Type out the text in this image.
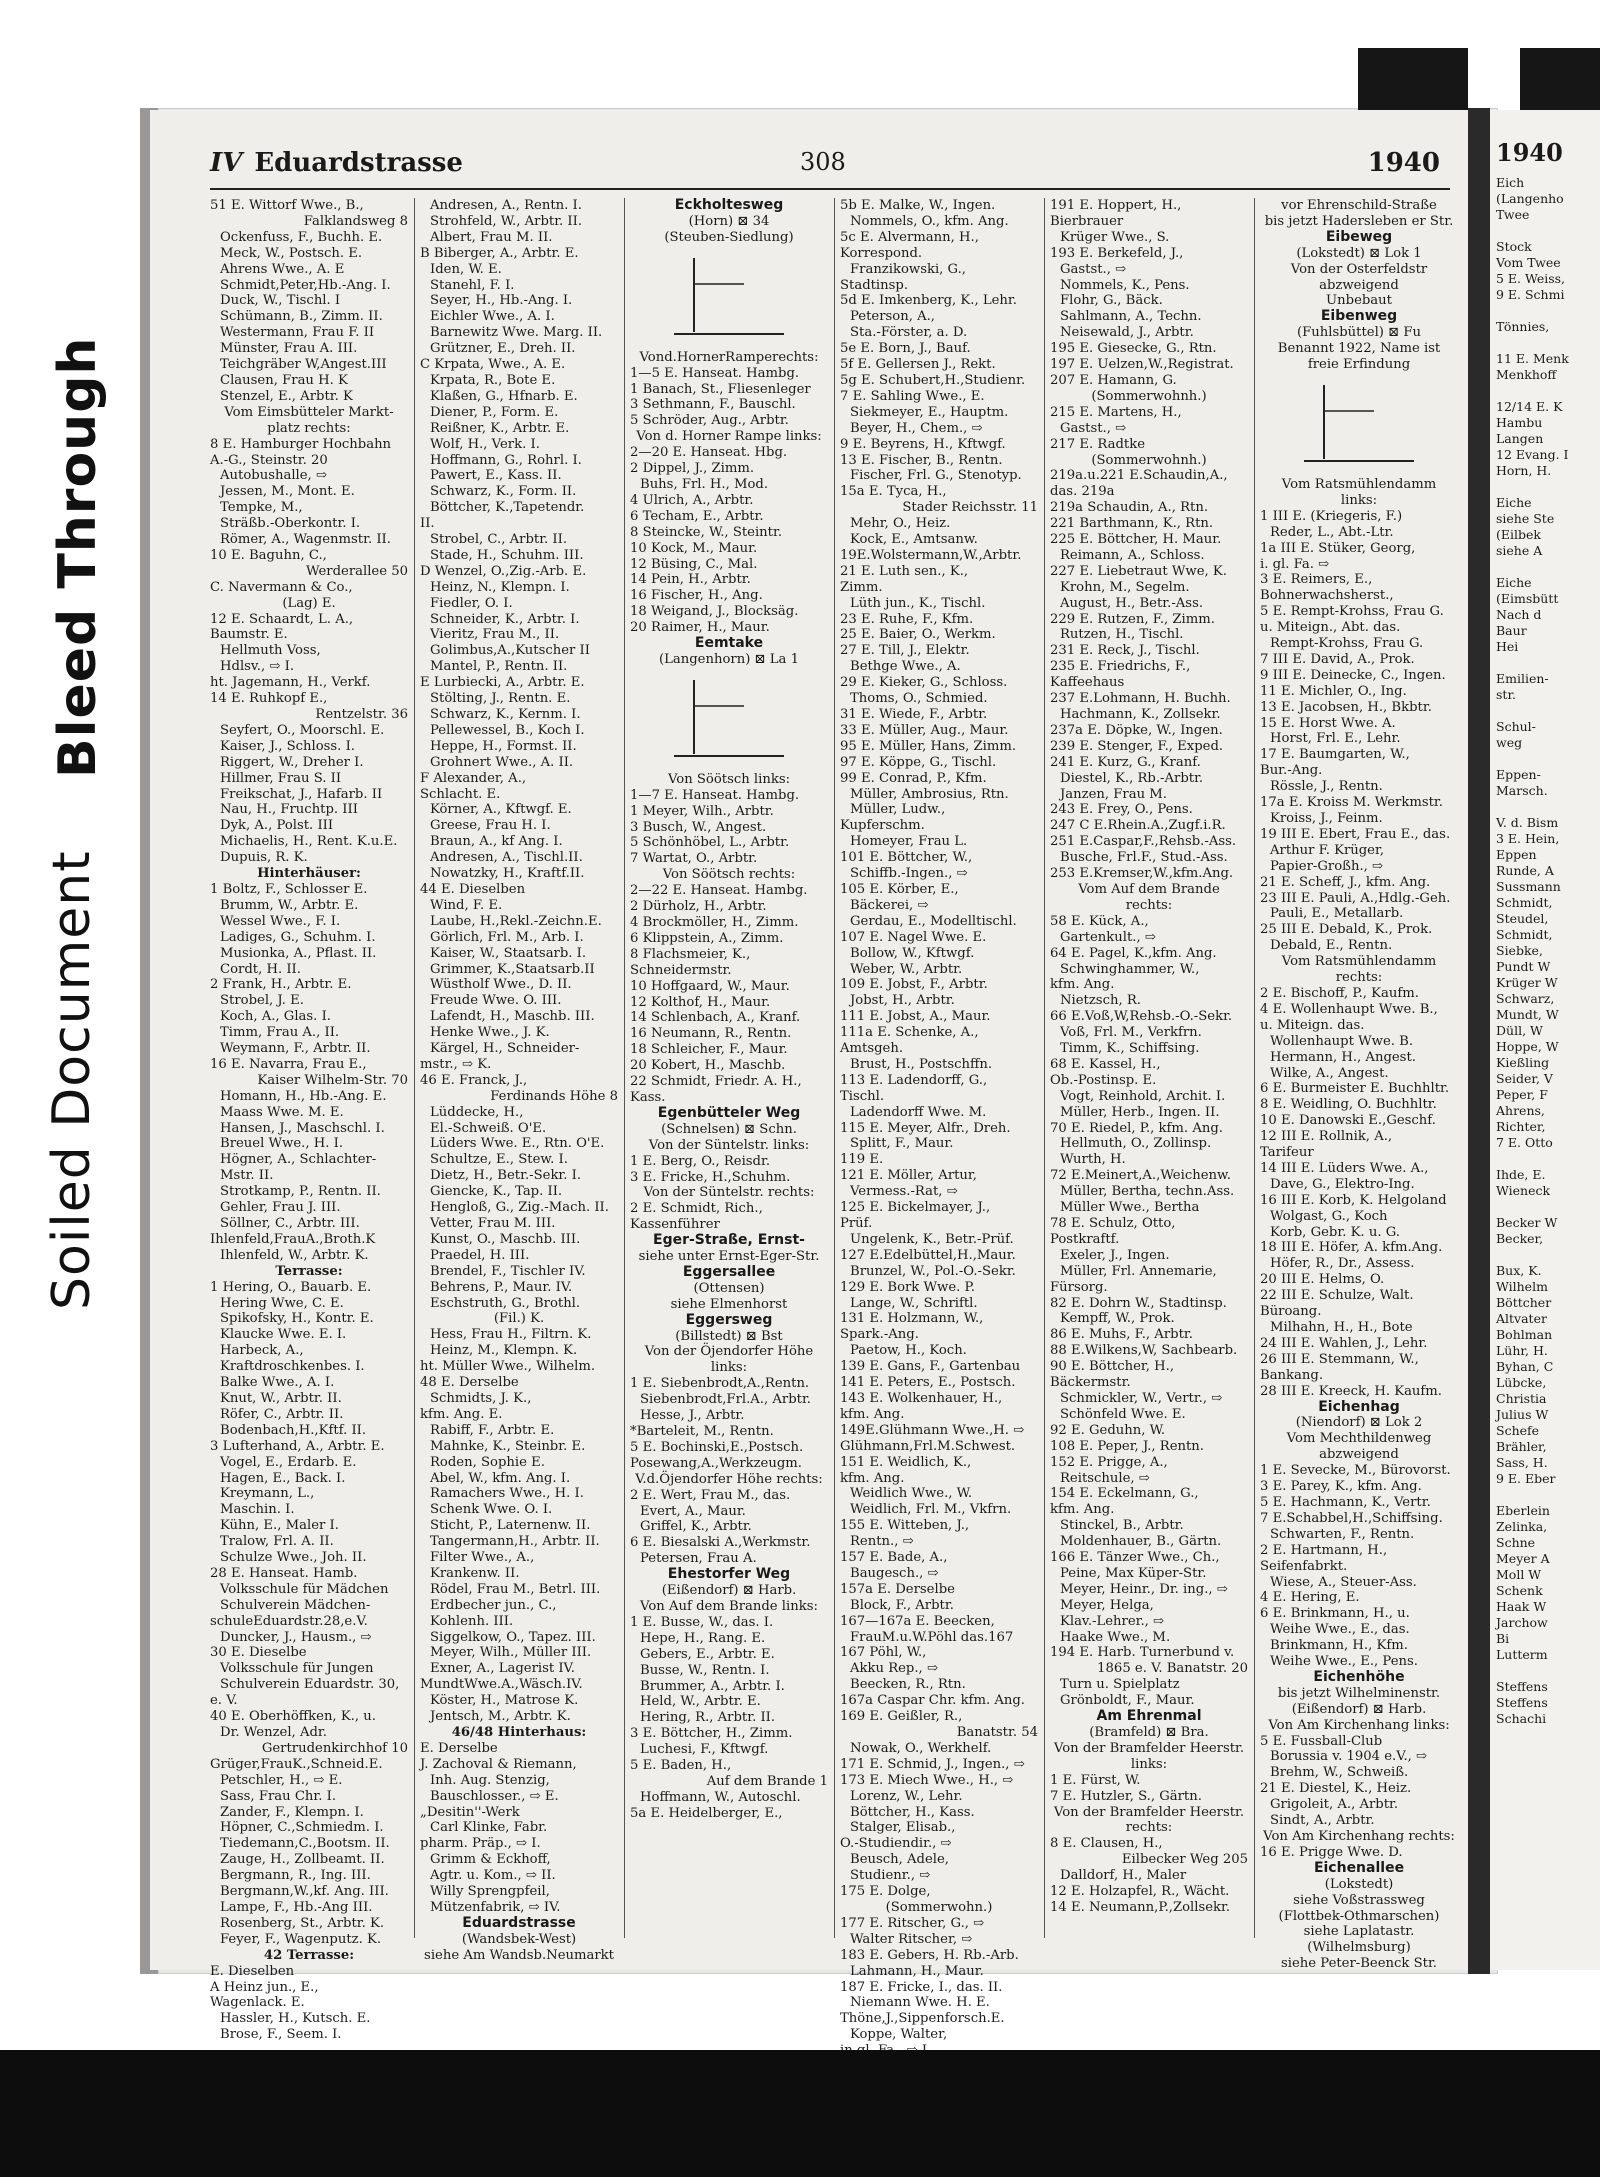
Soiled Document
Bleed Through
IV Eduardstrasse	308	1940
51 E. Wittorf Wwe., B.,
Falklandsweg 8
Ockenfuss, F., Buchh. E.
Meck, W., Postsch. E.
Ahrens Wwe., A. E
Schmidt,Peter,Hb.-Ang. I.
Duck, W., Tischl. I
Schümann, B., Zimm. II.
Westermann, Frau F. II
Münster, Frau A. III.
Teichgräber W,Angest.III
Clausen, Frau H. K
Stenzel, E., Arbtr. K
Vom Eimsbütteler Markt-
platz rechts:
8 E. Hamburger Hochbahn
A.-G., Steinstr. 20
Autobushalle, ⇨
Jessen, M., Mont. E.
Tempke, M.,
Sträßb.-Oberkontr. I.
Römer, A., Wagenmstr. II.
10 E. Baguhn, C.,
Werderallee 50
C. Navermann & Co.,
(Lag) E.
12 E. Schaardt, L. A.,
Baumstr. E.
Hellmuth Voss,
Hdlsv., ⇨ I.
ht. Jagemann, H., Verkf.
14 E. Ruhkopf E.,
Rentzelstr. 36
Seyfert, O., Moorschl. E.
Kaiser, J., Schloss. I.
Riggert, W., Dreher I.
Hillmer, Frau S. II
Freikschat, J., Hafarb. II
Nau, H., Fruchtp. III
Dyk, A., Polst. III
Michaelis, H., Rent. K.u.E.
Dupuis, R. K.
Hinterhäuser:
1 Boltz, F., Schlosser E.
Brumm, W., Arbtr. E.
Wessel Wwe., F. I.
Ladiges, G., Schuhm. I.
Musionka, A., Pflast. II.
Cordt, H. II.
2 Frank, H., Arbtr. E.
Strobel, J. E.
Koch, A., Glas. I.
Timm, Frau A., II.
Weymann, F., Arbtr. II.
16 E. Navarra, Frau E.,
Kaiser Wilhelm-Str. 70
Homann, H., Hb.-Ang. E.
Maass Wwe. M. E.
Hansen, J., Maschschl. I.
Breuel Wwe., H. I.
Högner, A., Schlachter-
Mstr. II.
Strotkamp, P., Rentn. II.
Gehler, Frau J. III.
Söllner, C., Arbtr. III.
Ihlenfeld,FrauA.,Broth.K
Ihlenfeld, W., Arbtr. K.
Terrasse:
1 Hering, O., Bauarb. E.
Hering Wwe, C. E.
Spikofsky, H., Kontr. E.
Klaucke Wwe. E. I.
Harbeck, A.,
Kraftdroschkenbes. I.
Balke Wwe., A. I.
Knut, W., Arbtr. II.
Röfer, C., Arbtr. II.
Bodenbach,H.,Kftf. II.
3 Lufterhand, A., Arbtr. E.
Vogel, E., Erdarb. E.
Hagen, E., Back. I.
Kreymann, L.,
Maschin. I.
Kühn, E., Maler I.
Tralow, Frl. A. II.
Schulze Wwe., Joh. II.
28 E. Hanseat. Hamb.
Volksschule für Mädchen
Schulverein Mädchen-
schuleEduardstr.28,e.V.
Duncker, J., Hausm., ⇨
30 E. Dieselbe
Volksschule für Jungen
Schulverein Eduardstr. 30,
e. V.
40 E. Oberhöffken, K., u.
Dr. Wenzel, Adr.
Gertrudenkirchhof 10
Grüger,FrauK.,Schneid.E.
Petschler, H., ⇨ E.
Sass, Frau Chr. I.
Zander, F., Klempn. I.
Höpner, C.,Schmiedm. I.
Tiedemann,C.,Bootsm. II.
Zauge, H., Zollbeamt. II.
Bergmann, R., Ing. III.
Bergmann,W.,kf. Ang. III.
Lampe, F., Hb.-Ang III.
Rosenberg, St., Arbtr. K.
Feyer, F., Wagenputz. K.
42 Terrasse:
E. Dieselben
A Heinz jun., E.,
Wagenlack. E.
Hassler, H., Kutsch. E.
Brose, F., Seem. I.
Andresen, A., Rentn. I.
Strohfeld, W., Arbtr. II.
Albert, Frau M. II.
B Biberger, A., Arbtr. E.
Iden, W. E.
Stanehl, F. I.
Seyer, H., Hb.-Ang. I.
Eichler Wwe., A. I.
Barnewitz Wwe. Marg. II.
Grützner, E., Dreh. II.
C Krpata, Wwe., A. E.
Krpata, R., Bote E.
Klaßen, G., Hfnarb. E.
Diener, P., Form. E.
Reißner, K., Arbtr. E.
Wolf, H., Verk. I.
Hoffmann, G., Rohrl. I.
Pawert, E., Kass. II.
Schwarz, K., Form. II.
Böttcher, K.,Tapetendr.
II.
Strobel, C., Arbtr. II.
Stade, H., Schuhm. III.
D Wenzel, O.,Zig.-Arb. E.
Heinz, N., Klempn. I.
Fiedler, O. I.
Schneider, K., Arbtr. I.
Vieritz, Frau M., II.
Golimbus,A.,Kutscher II
Mantel, P., Rentn. II.
E Lurbiecki, A., Arbtr. E.
Stölting, J., Rentn. E.
Schwarz, K., Kernm. I.
Pellewessel, B., Koch I.
Heppe, H., Formst. II.
Grohnert Wwe., A. II.
F Alexander, A.,
Schlacht. E.
Körner, A., Kftwgf. E.
Greese, Frau H. I.
Braun, A., kf Ang. I.
Andresen, A., Tischl.II.
Nowatzky, H., Kraftf.II.
44 E. Dieselben
Wind, F. E.
Laube, H.,Rekl.-Zeichn.E.
Görlich, Frl. M., Arb. I.
Kaiser, W., Staatsarb. I.
Grimmer, K.,Staatsarb.II
Wüstholf Wwe., D. II.
Freude Wwe. O. III.
Lafendt, H., Maschb. III.
Henke Wwe., J. K.
Kärgel, H., Schneider-
mstr., ⇨ K.
46 E. Franck, J.,
Ferdinands Höhe 8
Lüddecke, H.,
El.-Schweiß. O'E.
Lüders Wwe. E., Rtn. O'E.
Schultze, E., Stew. I.
Dietz, H., Betr.-Sekr. I.
Giencke, K., Tap. II.
Hengloß, G., Zig.-Mach. II.
Vetter, Frau M. III.
Kunst, O., Maschb. III.
Praedel, H. III.
Brendel, F., Tischler IV.
Behrens, P., Maur. IV.
Eschstruth, G., Brothl.
(Fil.) K.
Hess, Frau H., Filtrn. K.
Heinz, M., Klempn. K.
ht. Müller Wwe., Wilhelm.
48 E. Derselbe
Schmidts, J. K.,
kfm. Ang. E.
Rabiff, F., Arbtr. E.
Mahnke, K., Steinbr. E.
Roden, Sophie E.
Abel, W., kfm. Ang. I.
Ramachers Wwe., H. I.
Schenk Wwe. O. I.
Sticht, P., Laternenw. II.
Tangermann,H., Arbtr. II.
Filter Wwe., A.,
Krankenw. II.
Rödel, Frau M., Betrl. III.
Erdbecher jun., C.,
Kohlenh. III.
Siggelkow, O., Tapez. III.
Meyer, Wilh., Müller III.
Exner, A., Lagerist IV.
MundtWwe.A.,Wäsch.IV.
Köster, H., Matrose K.
Jentsch, M., Arbtr. K.
46/48 Hinterhaus:
E. Derselbe
J. Zachoval & Riemann,
Inh. Aug. Stenzig,
Bauschlosser., ⇨ E.
„Desitin''-Werk
Carl Klinke, Fabr.
pharm. Präp., ⇨ I.
Grimm & Eckhoff,
Agtr. u. Kom., ⇨ II.
Willy Sprengpfeil,
Mützenfabrik, ⇨ IV.
Eduardstrasse
(Wandsbek-West)
siehe Am Wandsb.Neumarkt
Eckholtesweg
(Horn) ⊠ 34
(Steuben-Siedlung)
Vond.HornerRamperechts:
1—5 E. Hanseat. Hambg.
1 Banach, St., Fliesenleger
3 Sethmann, F., Bauschl.
5 Schröder, Aug., Arbtr.
Von d. Horner Rampe links:
2—20 E. Hanseat. Hbg.
2 Dippel, J., Zimm.
Buhs, Frl. H., Mod.
4 Ulrich, A., Arbtr.
6 Techam, E., Arbtr.
8 Steincke, W., Steintr.
10 Kock, M., Maur.
12 Büsing, C., Mal.
14 Pein, H., Arbtr.
16 Fischer, H., Ang.
18 Weigand, J., Blocksäg.
20 Raimer, H., Maur.
Eemtake
(Langenhorn) ⊠ La 1
Von Söötsch links:
1—7 E. Hanseat. Hambg.
1 Meyer, Wilh., Arbtr.
3 Busch, W., Angest.
5 Schönhöbel, L., Arbtr.
7 Wartat, O., Arbtr.
Von Söötsch rechts:
2—22 E. Hanseat. Hambg.
2 Dürholz, H., Arbtr.
4 Brockmöller, H., Zimm.
6 Klippstein, A., Zimm.
8 Flachsmeier, K.,
Schneidermstr.
10 Hoffgaard, W., Maur.
12 Kolthof, H., Maur.
14 Schlenbach, A., Kranf.
16 Neumann, R., Rentn.
18 Schleicher, F., Maur.
20 Kobert, H., Maschb.
22 Schmidt, Friedr. A. H.,
Kass.
Egenbütteler Weg
(Schnelsen) ⊠ Schn.
Von der Süntelstr. links:
1 E. Berg, O., Reisdr.
3 E. Fricke, H.,Schuhm.
Von der Süntelstr. rechts:
2 E. Schmidt, Rich.,
Kassenführer
Eger-Straße, Ernst-
siehe unter Ernst-Eger-Str.
Eggersallee
(Ottensen)
siehe Elmenhorst
Eggersweg
(Billstedt) ⊠ Bst
Von der Öjendorfer Höhe
links:
1 E. Siebenbrodt,A.,Rentn.
Siebenbrodt,Frl.A., Arbtr.
Hesse, J., Arbtr.
*Barteleit, M., Rentn.
5 E. Bochinski,E.,Postsch.
Posewang,A.,Werkzeugm.
V.d.Öjendorfer Höhe rechts:
2 E. Wert, Frau M., das.
Evert, A., Maur.
Griffel, K., Arbtr.
6 E. Biesalski A.,Werkmstr.
Petersen, Frau A.
Ehestorfer Weg
(Eißendorf) ⊠ Harb.
Von Auf dem Brande links:
1 E. Busse, W., das. I.
Hepe, H., Rang. E.
Gebers, E., Arbtr. E.
Busse, W., Rentn. I.
Brummer, A., Arbtr. I.
Held, W., Arbtr. E.
Hering, R., Arbtr. II.
3 E. Böttcher, H., Zimm.
Luchesi, F., Kftwgf.
5 E. Baden, H.,
Auf dem Brande 1
Hoffmann, W., Autoschl.
5a E. Heidelberger, E.,
5b E. Malke, W., Ingen.
Nommels, O., kfm. Ang.
5c E. Alvermann, H.,
Korrespond.
Franzikowski, G.,
Stadtinsp.
5d E. Imkenberg, K., Lehr.
Peterson, A.,
Sta.-Förster, a. D.
5e E. Born, J., Bauf.
5f E. Gellersen J., Rekt.
5g E. Schubert,H.,Studienr.
7 E. Sahling Wwe., E.
Siekmeyer, E., Hauptm.
Beyer, H., Chem., ⇨
9 E. Beyrens, H., Kftwgf.
13 E. Fischer, B., Rentn.
Fischer, Frl. G., Stenotyp.
15a E. Tyca, H.,
Stader Reichsstr. 11
Mehr, O., Heiz.
Kock, E., Amtsanw.
19E.Wolstermann,W.,Arbtr.
21 E. Luth sen., K.,
Zimm.
Lüth jun., K., Tischl.
23 E. Ruhe, F., Kfm.
25 E. Baier, O., Werkm.
27 E. Till, J., Elektr.
Bethge Wwe., A.
29 E. Kieker, G., Schloss.
Thoms, O., Schmied.
31 E. Wiede, F., Arbtr.
33 E. Müller, Aug., Maur.
95 E. Müller, Hans, Zimm.
97 E. Köppe, G., Tischl.
99 E. Conrad, P., Kfm.
Müller, Ambrosius, Rtn.
Müller, Ludw.,
Kupferschm.
Homeyer, Frau L.
101 E. Böttcher, W.,
Schiffb.-Ingen., ⇨
105 E. Körber, E.,
Bäckerei, ⇨
Gerdau, E., Modelltischl.
107 E. Nagel Wwe. E.
Bollow, W., Kftwgf.
Weber, W., Arbtr.
109 E. Jobst, F., Arbtr.
Jobst, H., Arbtr.
111 E. Jobst, A., Maur.
111a E. Schenke, A.,
Amtsgeh.
Brust, H., Postschffn.
113 E. Ladendorff, G.,
Tischl.
Ladendorff Wwe. M.
115 E. Meyer, Alfr., Dreh.
Splitt, F., Maur.
119 E.
121 E. Möller, Artur,
Vermess.-Rat, ⇨
125 E. Bickelmayer, J.,
Prüf.
Ungelenk, K., Betr.-Prüf.
127 E.Edelbüttel,H.,Maur.
Brunzel, W., Pol.-O.-Sekr.
129 E. Bork Wwe. P.
Lange, W., Schriftl.
131 E. Holzmann, W.,
Spark.-Ang.
Paetow, H., Koch.
139 E. Gans, F., Gartenbau
141 E. Peters, E., Postsch.
143 E. Wolkenhauer, H.,
kfm. Ang.
149E.Glühmann Wwe.,H. ⇨
Glühmann,Frl.M.Schwest.
151 E. Weidlich, K.,
kfm. Ang.
Weidlich Wwe., W.
Weidlich, Frl. M., Vkfrn.
155 E. Witteben, J.,
Rentn., ⇨
157 E. Bade, A.,
Baugesch., ⇨
157a E. Derselbe
Block, F., Arbtr.
167—167a E. Beecken,
FrauM.u.W.Pöhl das.167
167 Pöhl, W.,
Akku Rep., ⇨
Beecken, R., Rtn.
167a Caspar Chr. kfm. Ang.
169 E. Geißler, R.,
Banatstr. 54
Nowak, O., Werkhelf.
171 E. Schmid, J., Ingen., ⇨
173 E. Miech Wwe., H., ⇨
Lorenz, W., Lehr.
Böttcher, H., Kass.
Stalger, Elisab.,
O.-Studiendir., ⇨
Beusch, Adele,
Studienr., ⇨
175 E. Dolge,
(Sommerwohn.)
177 E. Ritscher, G., ⇨
Walter Ritscher, ⇨
183 E. Gebers, H. Rb.-Arb.
Lahmann, H., Maur.
187 E. Fricke, I., das. II.
Niemann Wwe. H. E.
Thöne,J.,Sippenforsch.E.
Koppe, Walter,
191 E. Hoppert, H.,
Bierbrauer
Krüger Wwe., S.
193 E. Berkefeld, J.,
Gastst., ⇨
Nommels, K., Pens.
Flohr, G., Bäck.
Sahlmann, A., Techn.
Neisewald, J., Arbtr.
195 E. Giesecke, G., Rtn.
197 E. Uelzen,W.,Registrat.
207 E. Hamann, G.
(Sommerwohnh.)
215 E. Martens, H.,
Gastst., ⇨
217 E. Radtke
(Sommerwohnh.)
219a.u.221 E.Schaudin,A.,
das. 219a
219a Schaudin, A., Rtn.
221 Barthmann, K., Rtn.
225 E. Böttcher, H. Maur.
Reimann, A., Schloss.
227 E. Liebetraut Wwe, K.
Krohn, M., Segelm.
August, H., Betr.-Ass.
229 E. Rutzen, F., Zimm.
Rutzen, H., Tischl.
231 E. Reck, J., Tischl.
235 E. Friedrichs, F.,
Kaffeehaus
237 E.Lohmann, H. Buchh.
Hachmann, K., Zollsekr.
237a E. Döpke, W., Ingen.
239 E. Stenger, F., Exped.
241 E. Kurz, G., Kranf.
Diestel, K., Rb.-Arbtr.
Janzen, Frau M.
243 E. Frey, O., Pens.
247 C E.Rhein.A.,Zugf.i.R.
251 E.Caspar,F.,Rehsb.-Ass.
Busche, Frl.F., Stud.-Ass.
253 E.Kremser,W.,kfm.Ang.
Vom Auf dem Brande
rechts:
58 E. Kück, A.,
Gartenkult., ⇨
64 E. Pagel, K.,kfm. Ang.
Schwinghammer, W.,
kfm. Ang.
Nietzsch, R.
66 E.Voß,W,Rehsb.-O.-Sekr.
Voß, Frl. M., Verkfrn.
Timm, K., Schiffsing.
68 E. Kassel, H.,
Ob.-Postinsp. E.
Vogt, Reinhold, Archit. I.
Müller, Herb., Ingen. II.
70 E. Riedel, P., kfm. Ang.
Hellmuth, O., Zollinsp.
Wurth, H.
72 E.Meinert,A.,Weichenw.
Müller, Bertha, techn.Ass.
Müller Wwe., Bertha
78 E. Schulz, Otto,
Postkraftf.
Exeler, J., Ingen.
Müller, Frl. Annemarie,
Fürsorg.
82 E. Dohrn W., Stadtinsp.
Kempff, W., Prok.
86 E. Muhs, F., Arbtr.
88 E.Wilkens,W, Sachbearb.
90 E. Böttcher, H.,
Bäckermstr.
Schmickler, W., Vertr., ⇨
Schönfeld Wwe. E.
92 E. Geduhn, W.
108 E. Peper, J., Rentn.
152 E. Prigge, A.,
Reitschule, ⇨
154 E. Eckelmann, G.,
kfm. Ang.
Stinckel, B., Arbtr.
Moldenhauer, B., Gärtn.
166 E. Tänzer Wwe., Ch.,
Peine, Max Küper-Str.
Meyer, Heinr., Dr. ing., ⇨
Meyer, Helga,
Klav.-Lehrer., ⇨
Haake Wwe., M.
194 E. Harb. Turnerbund v.
1865 e. V. Banatstr. 20
Turn u. Spielplatz
Grönboldt, F., Maur.
Am Ehrenmal
(Bramfeld) ⊠ Bra.
Von der Bramfelder Heerstr.
links:
1 E. Fürst, W.
7 E. Hutzler, S., Gärtn.
Von der Bramfelder Heerstr.
rechts:
8 E. Clausen, H.,
Eilbecker Weg 205
Dalldorf, H., Maler
12 E. Holzapfel, R., Wächt.
14 E. Neumann,P.,Zollsekr.
vor Ehrenschild-Straße
bis jetzt Hadersleben er Str.
Eibeweg
(Lokstedt) ⊠ Lok 1
Von der Osterfeldstr
abzweigend
Unbebaut
Eibenweg
(Fuhlsbüttel) ⊠ Fu
Benannt 1922, Name ist
freie Erfindung
Vom Ratsmühlendamm
links:
1 III E. (Kriegeris, F.)
Reder, L., Abt.-Ltr.
1a III E. Stüker, Georg,
i. gl. Fa. ⇨
3 E. Reimers, E.,
Bohnerwachsherst.,
5 E. Rempt-Krohss, Frau G.
u. Miteign., Abt. das.
Rempt-Krohss, Frau G.
7 III E. David, A., Prok.
9 III E. Deinecke, C., Ingen.
11 E. Michler, O., Ing.
13 E. Jacobsen, H., Bkbtr.
15 E. Horst Wwe. A.
Horst, Frl. E., Lehr.
17 E. Baumgarten, W.,
Bur.-Ang.
Rössle, J., Rentn.
17a E. Kroiss M. Werkmstr.
Kroiss, J., Feinm.
19 III E. Ebert, Frau E., das.
Arthur F. Krüger,
Papier-Großh., ⇨
21 E. Scheff, J., kfm. Ang.
23 III E. Pauli, A.,Hdlg.-Geh.
Pauli, E., Metallarb.
25 III E. Debald, K., Prok.
Debald, E., Rentn.
Vom Ratsmühlendamm
rechts:
2 E. Bischoff, P., Kaufm.
4 E. Wollenhaupt Wwe. B.,
u. Miteign. das.
Wollenhaupt Wwe. B.
Hermann, H., Angest.
Wilke, A., Angest.
6 E. Burmeister E. Buchhltr.
8 E. Weidling, O. Buchhltr.
10 E. Danowski E.,Geschf.
12 III E. Rollnik, A.,
Tarifeur
14 III E. Lüders Wwe. A.,
Dave, G., Elektro-Ing.
16 III E. Korb, K. Helgoland
Wolgast, G., Koch
Korb, Gebr. K. u. G.
18 III E. Höfer, A. kfm.Ang.
Höfer, R., Dr., Assess.
20 III E. Helms, O.
22 III E. Schulze, Walt.
Büroang.
Milhahn, H., H., Bote
24 III E. Wahlen, J., Lehr.
26 III E. Stemmann, W.,
Bankang.
28 III E. Kreeck, H. Kaufm.
Eichenhag
(Niendorf) ⊠ Lok 2
Vom Mechthildenweg
abzweigend
1 E. Sevecke, M., Bürovorst.
3 E. Parey, K., kfm. Ang.
5 E. Hachmann, K., Vertr.
7 E.Schabbel,H.,Schiffsing.
Schwarten, F., Rentn.
2 E. Hartmann, H.,
Seifenfabrkt.
Wiese, A., Steuer-Ass.
4 E. Hering, E.
6 E. Brinkmann, H., u.
Weihe Wwe., E., das.
Brinkmann, H., Kfm.
Weihe Wwe., E., Pens.
Eichenhöhe
bis jetzt Wilhelminenstr.
(Eißendorf) ⊠ Harb.
Von Am Kirchenhang links:
5 E. Fussball-Club
Borussia v. 1904 e.V., ⇨
Brehm, W., Schweiß.
21 E. Diestel, K., Heiz.
Grigoleit, A., Arbtr.
Sindt, A., Arbtr.
Von Am Kirchenhang rechts:
16 E. Prigge Wwe. D.
Eichenallee
(Lokstedt)
siehe Voßstrassweg
(Flottbek-Othmarschen)
siehe Laplatastr.
(Wilhelmsburg)
siehe Peter-Beenck Str.
1940
Eich
(Langenho
Twee

Stock
Vom Twee
5 E. Weiss,
9 E. Schmi

Tönnies,

11 E. Menk
Menkhoff

12/14 E. K
Hambu
Langen
12 Evang. I
Horn, H.

Eiche
siehe Ste
(Eilbek
siehe A

Eiche
(Eimsbütt
Nach d
Baur
Hei

Emilien-
str.

Schul-
weg

Eppen-
Marsch.

V. d. Bism
3 E. Hein,
Eppen
Runde, A
Sussmann
Schmidt,
Steudel,
Schmidt,
Siebke,
Pundt W
Krüger W
Schwarz,
Mundt, W
Düll, W
Hoppe, W
Kießling
Seider, V
Peper, F
Ahrens,
Richter,
7 E. Otto

Ihde, E.
Wieneck

Becker W
Becker,

Bux, K.
Wilhelm
Böttcher
Altvater
Bohlman
Lühr, H.
Byhan, C
Lübcke,
Christia
Julius W
Schefe
Brähler,
Sass, H.
9 E. Eber

Eberlein
Zelinka,
Schne
Meyer A
Moll W
Schenk
Haak W
Jarchow
Bi
Lutterm

Steffens
Steffens
Schachi
